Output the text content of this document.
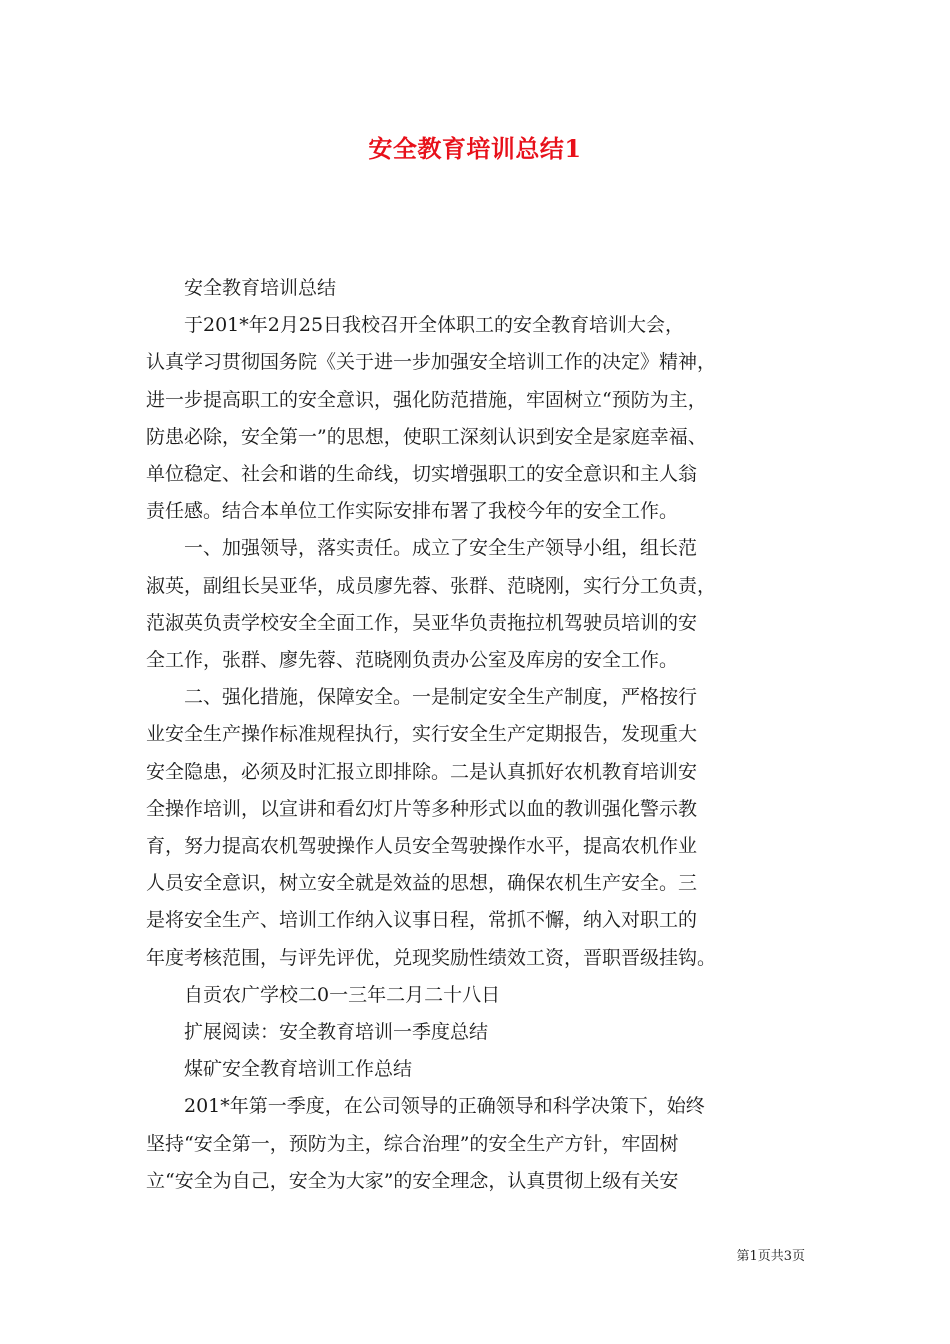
安全教育培训总结1

安全教育培训总结

于201*年2月25日我校召开全体职工的安全教育培训大会，
认真学习贯彻国务院《关于进一步加强安全培训工作的决定》精神，
进一步提高职工的安全意识，强化防范措施，牢固树立“预防为主，
防患必除，安全第一”的思想，使职工深刻认识到安全是家庭幸福、
单位稳定、社会和谐的生命线，切实增强职工的安全意识和主人翁
责任感。结合本单位工作实际安排布署了我校今年的安全工作。

一、加强领导，落实责任。成立了安全生产领导小组，组长范
淑英，副组长吴亚华，成员廖先蓉、张群、范晓刚，实行分工负责，
范淑英负责学校安全全面工作，吴亚华负责拖拉机驾驶员培训的安
全工作，张群、廖先蓉、范晓刚负责办公室及库房的安全工作。

二、强化措施，保障安全。一是制定安全生产制度，严格按行
业安全生产操作标准规程执行，实行安全生产定期报告，发现重大
安全隐患，必须及时汇报立即排除。二是认真抓好农机教育培训安
全操作培训，以宣讲和看幻灯片等多种形式以血的教训强化警示教
育，努力提高农机驾驶操作人员安全驾驶操作水平，提高农机作业
人员安全意识，树立安全就是效益的思想，确保农机生产安全。三
是将安全生产、培训工作纳入议事日程，常抓不懈，纳入对职工的
年度考核范围，与评先评优，兑现奖励性绩效工资，晋职晋级挂钩。

自贡农广学校二0一三年二月二十八日

扩展阅读：安全教育培训一季度总结

煤矿安全教育培训工作总结

201*年第一季度，在公司领导的正确领导和科学决策下，始终
坚持“安全第一，预防为主，综合治理”的安全生产方针，牢固树
立“安全为自己，安全为大家”的安全理念，认真贯彻上级有关安

第1页共3页
